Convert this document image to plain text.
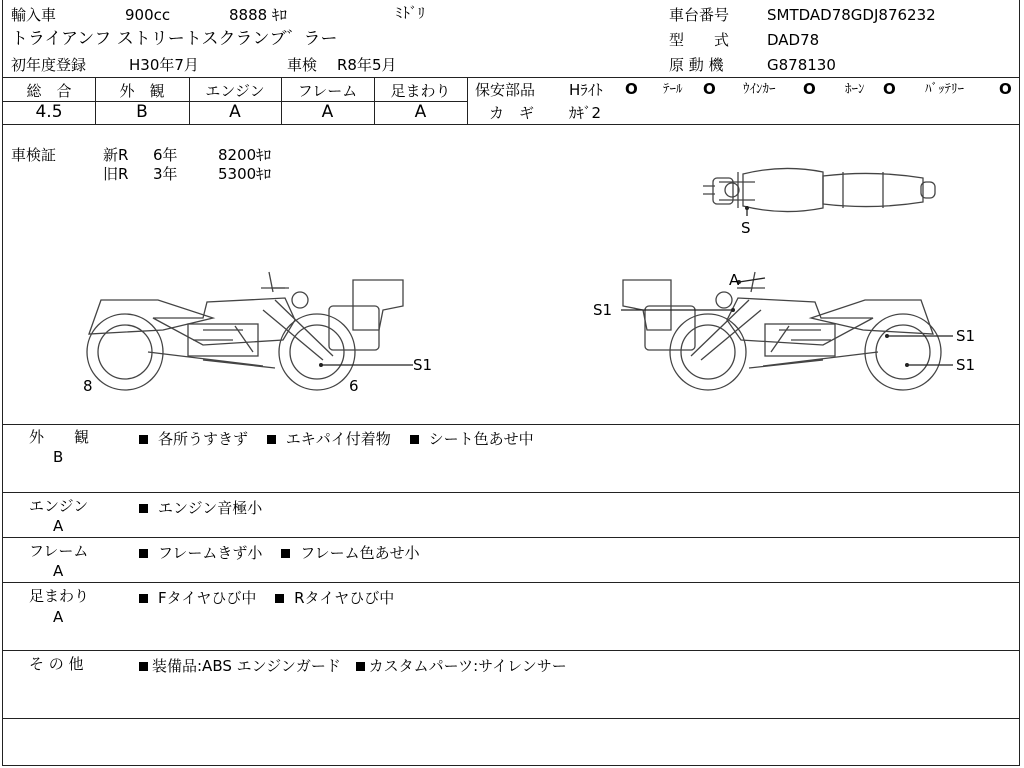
輸入車	900cc	8888 ｷﾛ	ﾐﾄﾞﾘ
トライアンフ ストリートスクランブ゛ラー
初年度登録	H30年7月	車検 R8年5月
車台番号	SMTDAD78GDJ876232
型　　式	DAD78
原 動 機	G878130
総　合
4.5
外　観
B
エンジン
A
フレーム
A
足まわり
A
保安部品 Hﾗｲﾄ O ﾃｰﾙ O ｳｲﾝｶｰ O ﾎｰﾝ O ﾊﾞｯﾃﾘｰ O
カ　ギ ｶｷﾞ2
車検証	新R 6年	8200ｷﾛ
旧R 3年	5300ｷﾛ
S
S1
8	6
A
S1
S1
S1
外　　観
B
各所うすきず	エキパイ付着物	シート色あせ中
エンジン
A
エンジン音極小
フレーム
A
フレームきず小	フレーム色あせ小
足まわり
A
Fタイヤひび中	Rタイヤひび中
そ の 他	装備品:ABS エンジンガード カスタムパーツ:サイレンサー
